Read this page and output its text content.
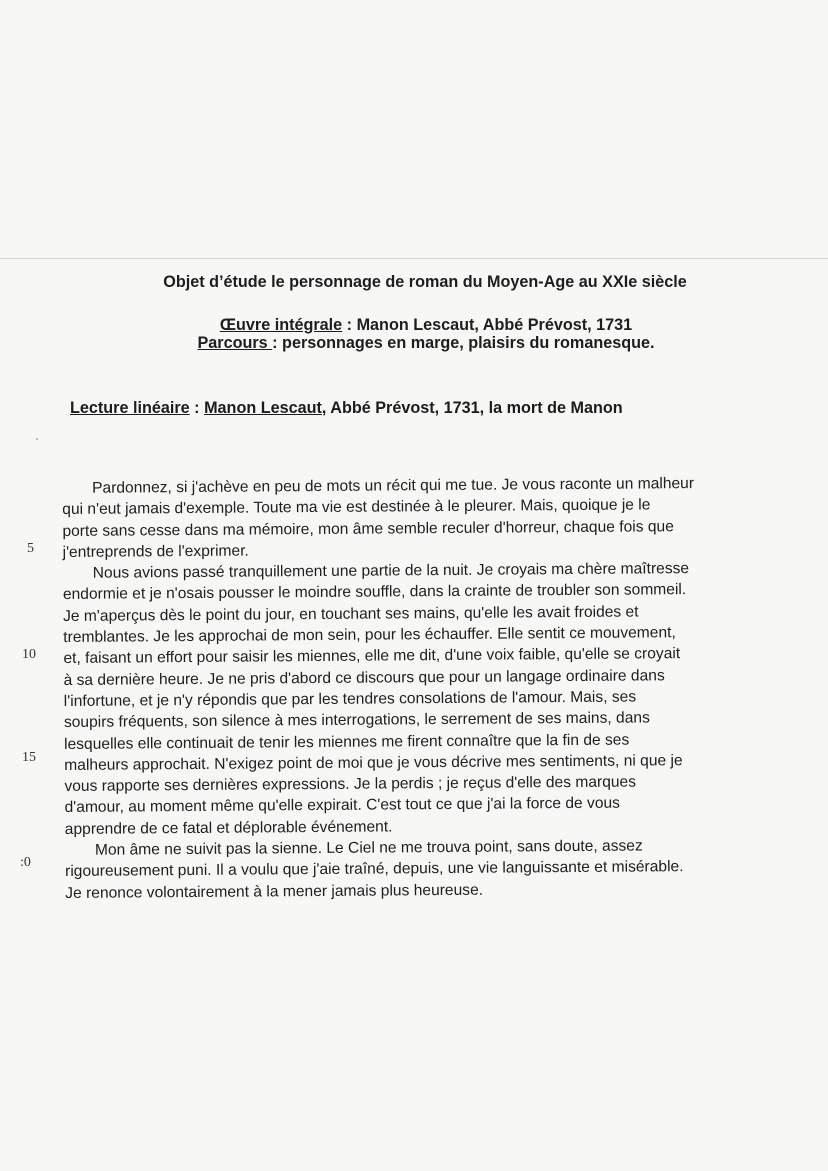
Objet d’étude le personnage de roman du Moyen-Age au XXIe siècle
Œuvre intégrale : Manon Lescaut, Abbé Prévost, 1731
Parcours : personnages en marge, plaisirs du romanesque.
Lecture linéaire : Manon Lescaut, Abbé Prévost, 1731, la mort de Manon
Pardonnez, si j'achève en peu de mots un récit qui me tue. Je vous raconte un malheur
qui n'eut jamais d'exemple. Toute ma vie est destinée à le pleurer. Mais, quoique je le
porte sans cesse dans ma mémoire, mon âme semble reculer d'horreur, chaque fois que
j'entreprends de l'exprimer.
Nous avions passé tranquillement une partie de la nuit. Je croyais ma chère maîtresse
endormie et je n'osais pousser le moindre souffle, dans la crainte de troubler son sommeil.
Je m'aperçus dès le point du jour, en touchant ses mains, qu'elle les avait froides et
tremblantes. Je les approchai de mon sein, pour les échauffer. Elle sentit ce mouvement,
et, faisant un effort pour saisir les miennes, elle me dit, d'une voix faible, qu'elle se croyait
à sa dernière heure. Je ne pris d'abord ce discours que pour un langage ordinaire dans
l'infortune, et je n'y répondis que par les tendres consolations de l'amour. Mais, ses
soupirs fréquents, son silence à mes interrogations, le serrement de ses mains, dans
lesquelles elle continuait de tenir les miennes me firent connaître que la fin de ses
malheurs approchait. N'exigez point de moi que je vous décrive mes sentiments, ni que je
vous rapporte ses dernières expressions. Je la perdis ; je reçus d'elle des marques
d'amour, au moment même qu'elle expirait. C'est tout ce que j'ai la force de vous
apprendre de ce fatal et déplorable événement.
Mon âme ne suivit pas la sienne. Le Ciel ne me trouva point, sans doute, assez
rigoureusement puni. Il a voulu que j'aie traîné, depuis, une vie languissante et misérable.
Je renonce volontairement à la mener jamais plus heureuse.
5
10
15
:0
